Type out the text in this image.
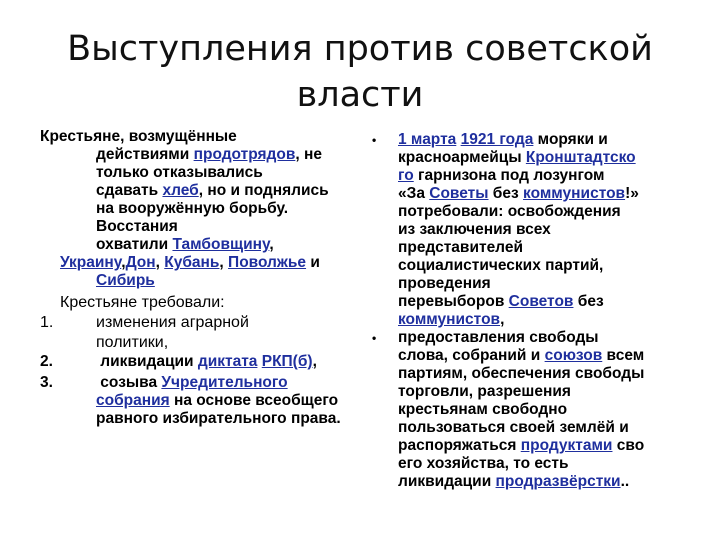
Выступления против советской
власти
Крестьяне, возмущённые
действиями продотрядов, не
только отказывались
сдавать хлеб, но и поднялись
на вооружённую борьбу.
Восстания
охватили Тамбовщину,
Украину,Дон, Кубань, Поволжье и
Сибирь
Крестьяне требовали:
1.	изменения аграрной
политики,
2.	ликвидации диктата РКП(б),
3.	созыва Учредительного
собрания на основе всеобщего
равного избирательного права.
• 1 марта 1921 года моряки и
красноармейцы Кронштадтско
го гарнизона под лозунгом
«За Советы без коммунистов!»
потребовали: освобождения
из заключения всех
представителей
социалистических партий,
проведения
перевыборов Советов без
коммунистов,
• предоставления свободы
слова, собраний и союзов всем
партиям, обеспечения свободы
торговли, разрешения
крестьянам свободно
пользоваться своей землёй и
распоряжаться продуктами сво
его хозяйства, то есть
ликвидации продразвёрстки..
